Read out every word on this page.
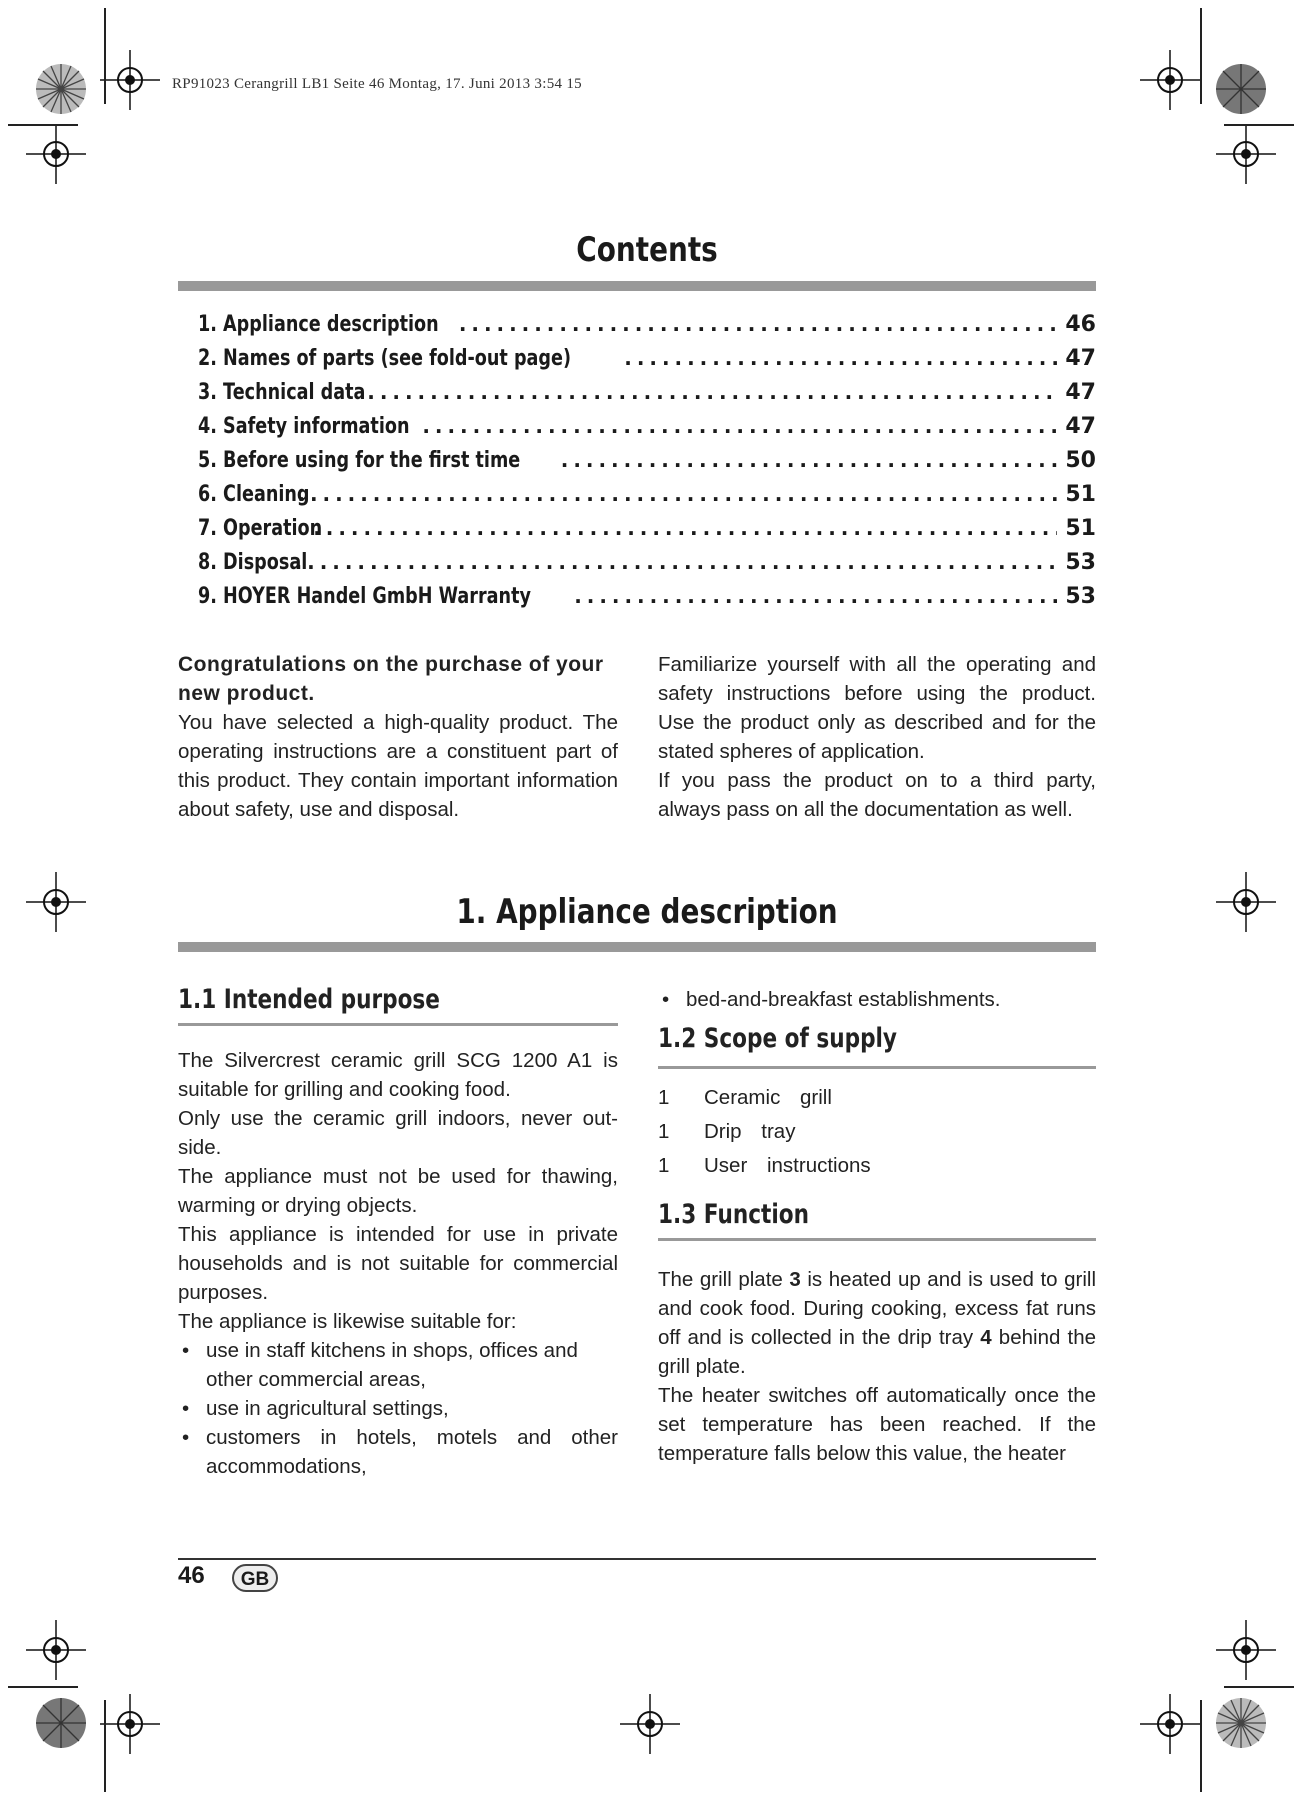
RP91023 Cerangrill LB1 Seite 46 Montag, 17. Juni 2013 3:54 15
Contents
1. Appliance description . . .	46
2. Names of parts (see fold-out page) . . .	47
3. Technical data . . .	47
4. Safety information . . .	47
5. Before using for the first time . . .	50
6. Cleaning . . .	51
7. Operation . . .	51
8. Disposal . . .	53
9. HOYER Handel GmbH Warranty . . .	53

Congratulations on the purchase of your new product.

You have selected a high-quality product. The operating instructions are a constituent part of this product. They contain important information about safety, use and disposal.

Familiarize yourself with all the operating and safety instructions before using the product. Use the product only as described and for the stated spheres of application.

If you pass the product on to a third party, always pass on all the documentation as well.

1. Appliance description
1.1 Intended purpose

The Silvercrest ceramic grill SCG 1200 A1 is suitable for grilling and cooking food.

Only use the ceramic grill indoors, never out-side.

The appliance must not be used for thawing, warming or drying objects.

This appliance is intended for use in private households and is not suitable for commercial purposes.

The appliance is likewise suitable for:

• use in staff kitchens in shops, offices and other commercial areas,
• use in agricultural settings,
• customers in hotels, motels and other accommodations,
• bed-and-breakfast establishments.
1.2 Scope of supply
1 Ceramic grill
1 Drip tray
1 User instructions
1.3 Function

The grill plate 3 is heated up and is used to grill and cook food. During cooking, excess fat runs off and is collected in the drip tray 4 behind the grill plate.

The heater switches off automatically once the set temperature has been reached. If the temperature falls below this value, the heater

46	GB
